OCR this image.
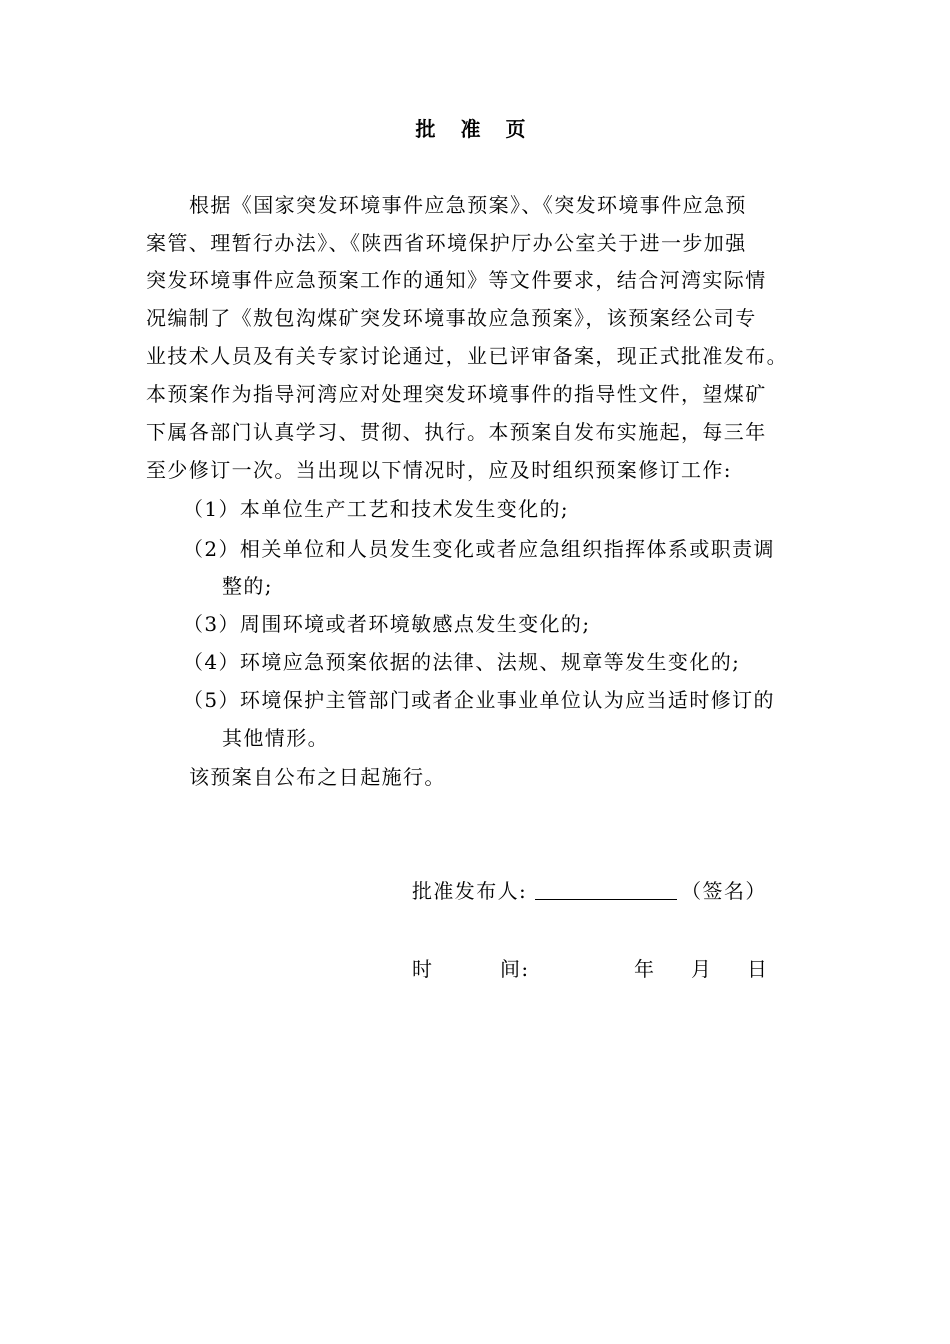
批 准 页
根据《国家突发环境事件应急预案》、《突发环境事件应急预
案管、理暂行办法》、《陕西省环境保护厅办公室关于进一步加强
突发环境事件应急预案工作的通知》等文件要求，结合河湾实际情
况编制了《敖包沟煤矿突发环境事故应急预案》，该预案经公司专
业技术人员及有关专家讨论通过，业已评审备案，现正式批准发布。
本预案作为指导河湾应对处理突发环境事件的指导性文件，望煤矿
下属各部门认真学习、贯彻、执行。本预案自发布实施起，每三年
至少修订一次。当出现以下情况时，应及时组织预案修订工作:
（1）本单位生产工艺和技术发生变化的;
（2）相关单位和人员发生变化或者应急组织指挥体系或职责调
整的;
（3）周围环境或者环境敏感点发生变化的;
（4）环境应急预案依据的法律、法规、规章等发生变化的;
（5）环境保护主管部门或者企业事业单位认为应当适时修订的
其他情形。
该预案自公布之日起施行。
批准发布人:	（签名）
时	间:	年 月 日
